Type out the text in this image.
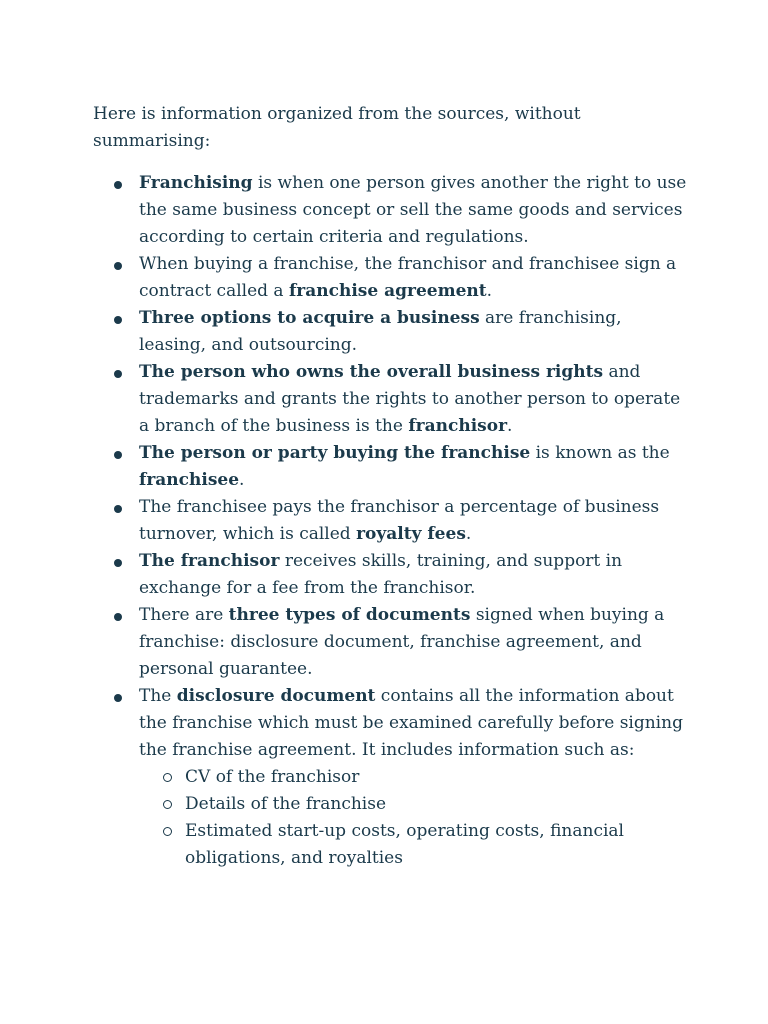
Here is information organized from the sources, without summarising:

Franchising is when one person gives another the right to use the same business concept or sell the same goods and services according to certain criteria and regulations.
When buying a franchise, the franchisor and franchisee sign a contract called a franchise agreement.
Three options to acquire a business are franchising, leasing, and outsourcing.
The person who owns the overall business rights and trademarks and grants the rights to another person to operate a branch of the business is the franchisor.
The person or party buying the franchise is known as the franchisee.
The franchisee pays the franchisor a percentage of business turnover, which is called royalty fees.
The franchisor receives skills, training, and support in exchange for a fee from the franchisor.
There are three types of documents signed when buying a franchise: disclosure document, franchise agreement, and personal guarantee.
The disclosure document contains all the information about the franchise which must be examined carefully before signing the franchise agreement. It includes information such as:
CV of the franchisor
Details of the franchise
Estimated start-up costs, operating costs, financial obligations, and royalties
